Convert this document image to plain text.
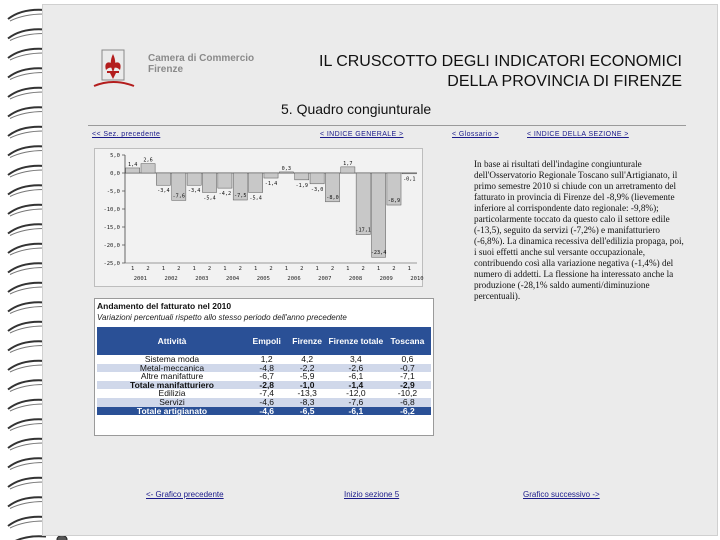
Camera di Commercio
Firenze	IL CRUSCOTTO DEGLI INDICATORI ECONOMICI
DELLA PROVINCIA DI FIRENZE
5. Quadro congiunturale
<< Sez. precedente	< INDICE GENERALE >	< Glossario >	< INDICE DELLA SEZIONE >
5,0
0,0
-5,0
-10,0
-15,0
-20,0
-25,0
1,4
1
2,6
2
-3,4
1
-7,6
2
-3,4
1
-5,4
2
-4,2
1
-7,5
2
-5,4
1
-1,4
2
0,3
1
-1,9
2
-3,0
1
-8,0
2
1,7
1
-17,1
2
-23,4
1
-8,9
2
-0,1
1
2001	2002	2003	2004	2005	2006	2007	2008	2009	2010
Andamento del fatturato nel 2010
Variazioni percentuali rispetto allo stesso periodo dell'anno precedente
Attività	Empoli	Firenze	Firenze totale	Toscana
Sistema moda	1,2	4,2	3,4	0,6
Metal-meccanica	-4,8	-2,2	-2,6	-0,7
Altre manifatture	-6,7	-5,9	-6,1	-7,1
Totale manifatturiero	-2,8	-1,0	-1,4	-2,9
Edilizia	-7,4	-13,3	-12,0	-10,2
Servizi	-4,6	-8,3	-7,6	-6,8
Totale artigianato	-4,6	-6,5	-6,1	-6,2
In base ai risultati dell'indagine congiunturale dell'Osservatorio Regionale Toscano sull'Artigianato, il primo semestre 2010 si chiude con un arretramento del fatturato in provincia di Firenze del -8,9% (lievemente inferiore al corrispondente dato regionale: -9,8%); particolarmente toccato da questo calo il settore edile (-13,5), seguito da servizi (-7,2%) e manifatturiero (-6,8%). La dinamica recessiva dell'edilizia propaga, poi, i suoi effetti anche sul versante occupazionale, contribuendo così alla variazione negativa (-1,4%) del numero di addetti. La flessione ha interessato anche la produzione (-28,1% saldo aumenti/diminuzione percentuali).
<- Grafico precedente	Inizio sezione 5	Grafico successivo ->
